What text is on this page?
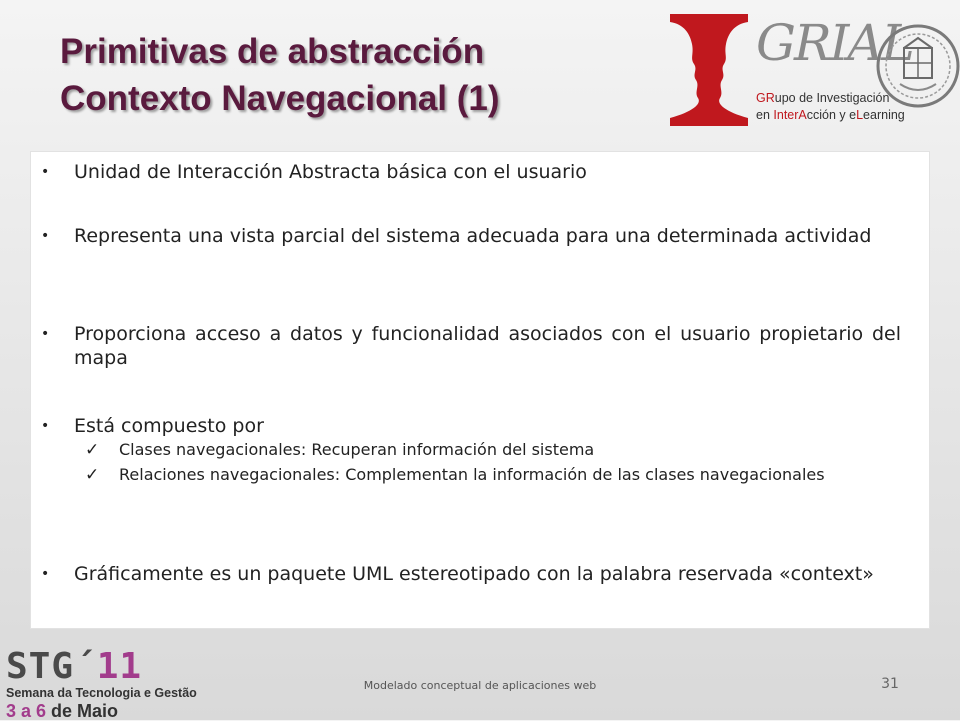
Primitivas de abstracción
Contexto Navegacional (1)
GRIAL
GRupo de Investigación
en InterAcción y eLearning
• Unidad de Interacción Abstracta básica con el usuario
• Representa una vista parcial del sistema adecuada para una determinada actividad
• Proporciona acceso a datos y funcionalidad asociados con el usuario propietario del mapa
• Está compuesto por
✓ Clases navegacionales: Recuperan información del sistema
✓ Relaciones navegacionales: Complementan la información de las clases navegacionales
• Gráficamente es un paquete UML estereotipado con la palabra reservada «context»
STG´11
Semana da Tecnologia e Gestão
3 a 6 de Maio
Modelado conceptual de aplicaciones web	31
